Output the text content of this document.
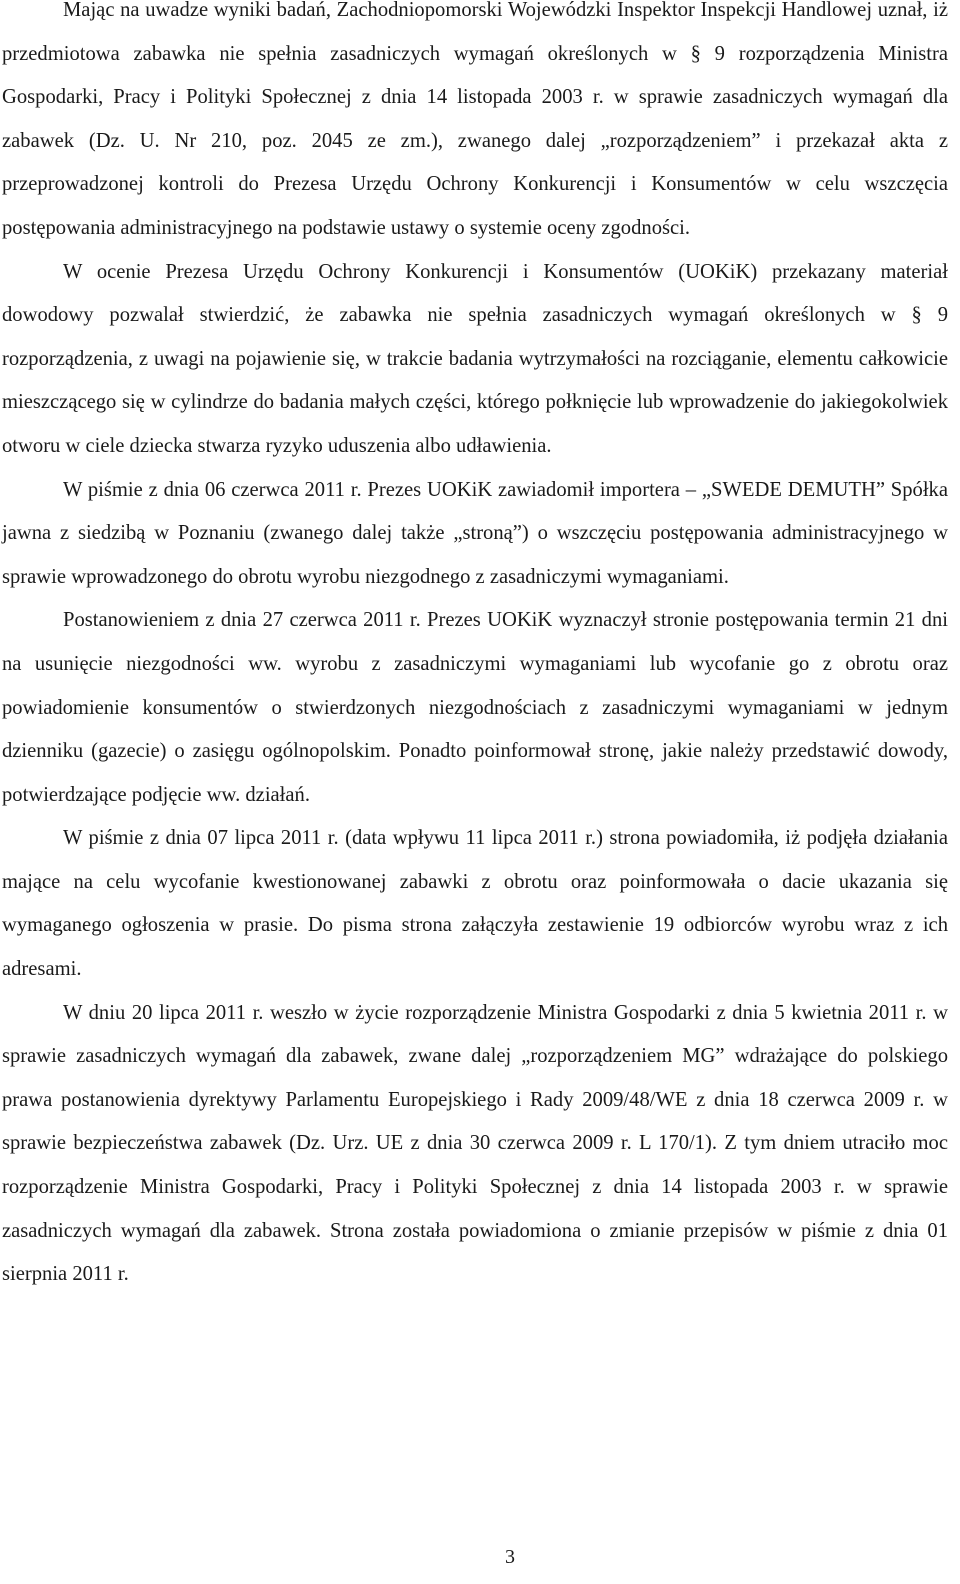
Mając na uwadze wyniki badań, Zachodniopomorski Wojewódzki Inspektor Inspekcji Handlowej uznał, iż przedmiotowa zabawka nie spełnia zasadniczych wymagań określonych w § 9 rozporządzenia Ministra Gospodarki, Pracy i Polityki Społecznej z dnia 14 listopada 2003 r. w sprawie zasadniczych wymagań dla zabawek (Dz. U. Nr 210, poz. 2045 ze zm.), zwanego dalej „rozporządzeniem” i przekazał akta z przeprowadzonej kontroli do Prezesa Urzędu Ochrony Konkurencji i Konsumentów w celu wszczęcia postępowania administracyjnego na podstawie ustawy o systemie oceny zgodności.

W ocenie Prezesa Urzędu Ochrony Konkurencji i Konsumentów (UOKiK) przekazany materiał dowodowy pozwalał stwierdzić, że zabawka nie spełnia zasadniczych wymagań określonych w § 9 rozporządzenia, z uwagi na pojawienie się, w trakcie badania wytrzymałości na rozciąganie, elementu całkowicie mieszczącego się w cylindrze do badania małych części, którego połknięcie lub wprowadzenie do jakiegokolwiek otworu w ciele dziecka stwarza ryzyko uduszenia albo udławienia.

W piśmie z dnia 06 czerwca 2011 r. Prezes UOKiK zawiadomił importera – „SWEDE DEMUTH” Spółka jawna z siedzibą w Poznaniu (zwanego dalej także „stroną”) o wszczęciu postępowania administracyjnego w sprawie wprowadzonego do obrotu wyrobu niezgodnego z zasadniczymi wymaganiami.

Postanowieniem z dnia 27 czerwca 2011 r. Prezes UOKiK wyznaczył stronie postępowania termin 21 dni na usunięcie niezgodności ww. wyrobu z zasadniczymi wymaganiami lub wycofanie go z obrotu oraz powiadomienie konsumentów o stwierdzonych niezgodnościach z zasadniczymi wymaganiami w jednym dzienniku (gazecie) o zasięgu ogólnopolskim. Ponadto poinformował stronę, jakie należy przedstawić dowody, potwierdzające podjęcie ww. działań.

W piśmie z dnia 07 lipca 2011 r. (data wpływu 11 lipca 2011 r.) strona powiadomiła, iż podjęła działania mające na celu wycofanie kwestionowanej zabawki z obrotu oraz poinformowała o dacie ukazania się wymaganego ogłoszenia w prasie. Do pisma strona załączyła zestawienie 19 odbiorców wyrobu wraz z ich adresami.

W dniu 20 lipca 2011 r. weszło w życie rozporządzenie Ministra Gospodarki z dnia 5 kwietnia 2011 r. w sprawie zasadniczych wymagań dla zabawek, zwane dalej „rozporządzeniem MG” wdrażające do polskiego prawa postanowienia dyrektywy Parlamentu Europejskiego i Rady 2009/48/WE z dnia 18 czerwca 2009 r. w sprawie bezpieczeństwa zabawek (Dz. Urz. UE z dnia 30 czerwca 2009 r. L 170/1). Z tym dniem utraciło moc rozporządzenie Ministra Gospodarki, Pracy i Polityki Społecznej z dnia 14 listopada 2003 r. w sprawie zasadniczych wymagań dla zabawek. Strona została powiadomiona o zmianie przepisów w piśmie z dnia 01 sierpnia 2011 r.

3
